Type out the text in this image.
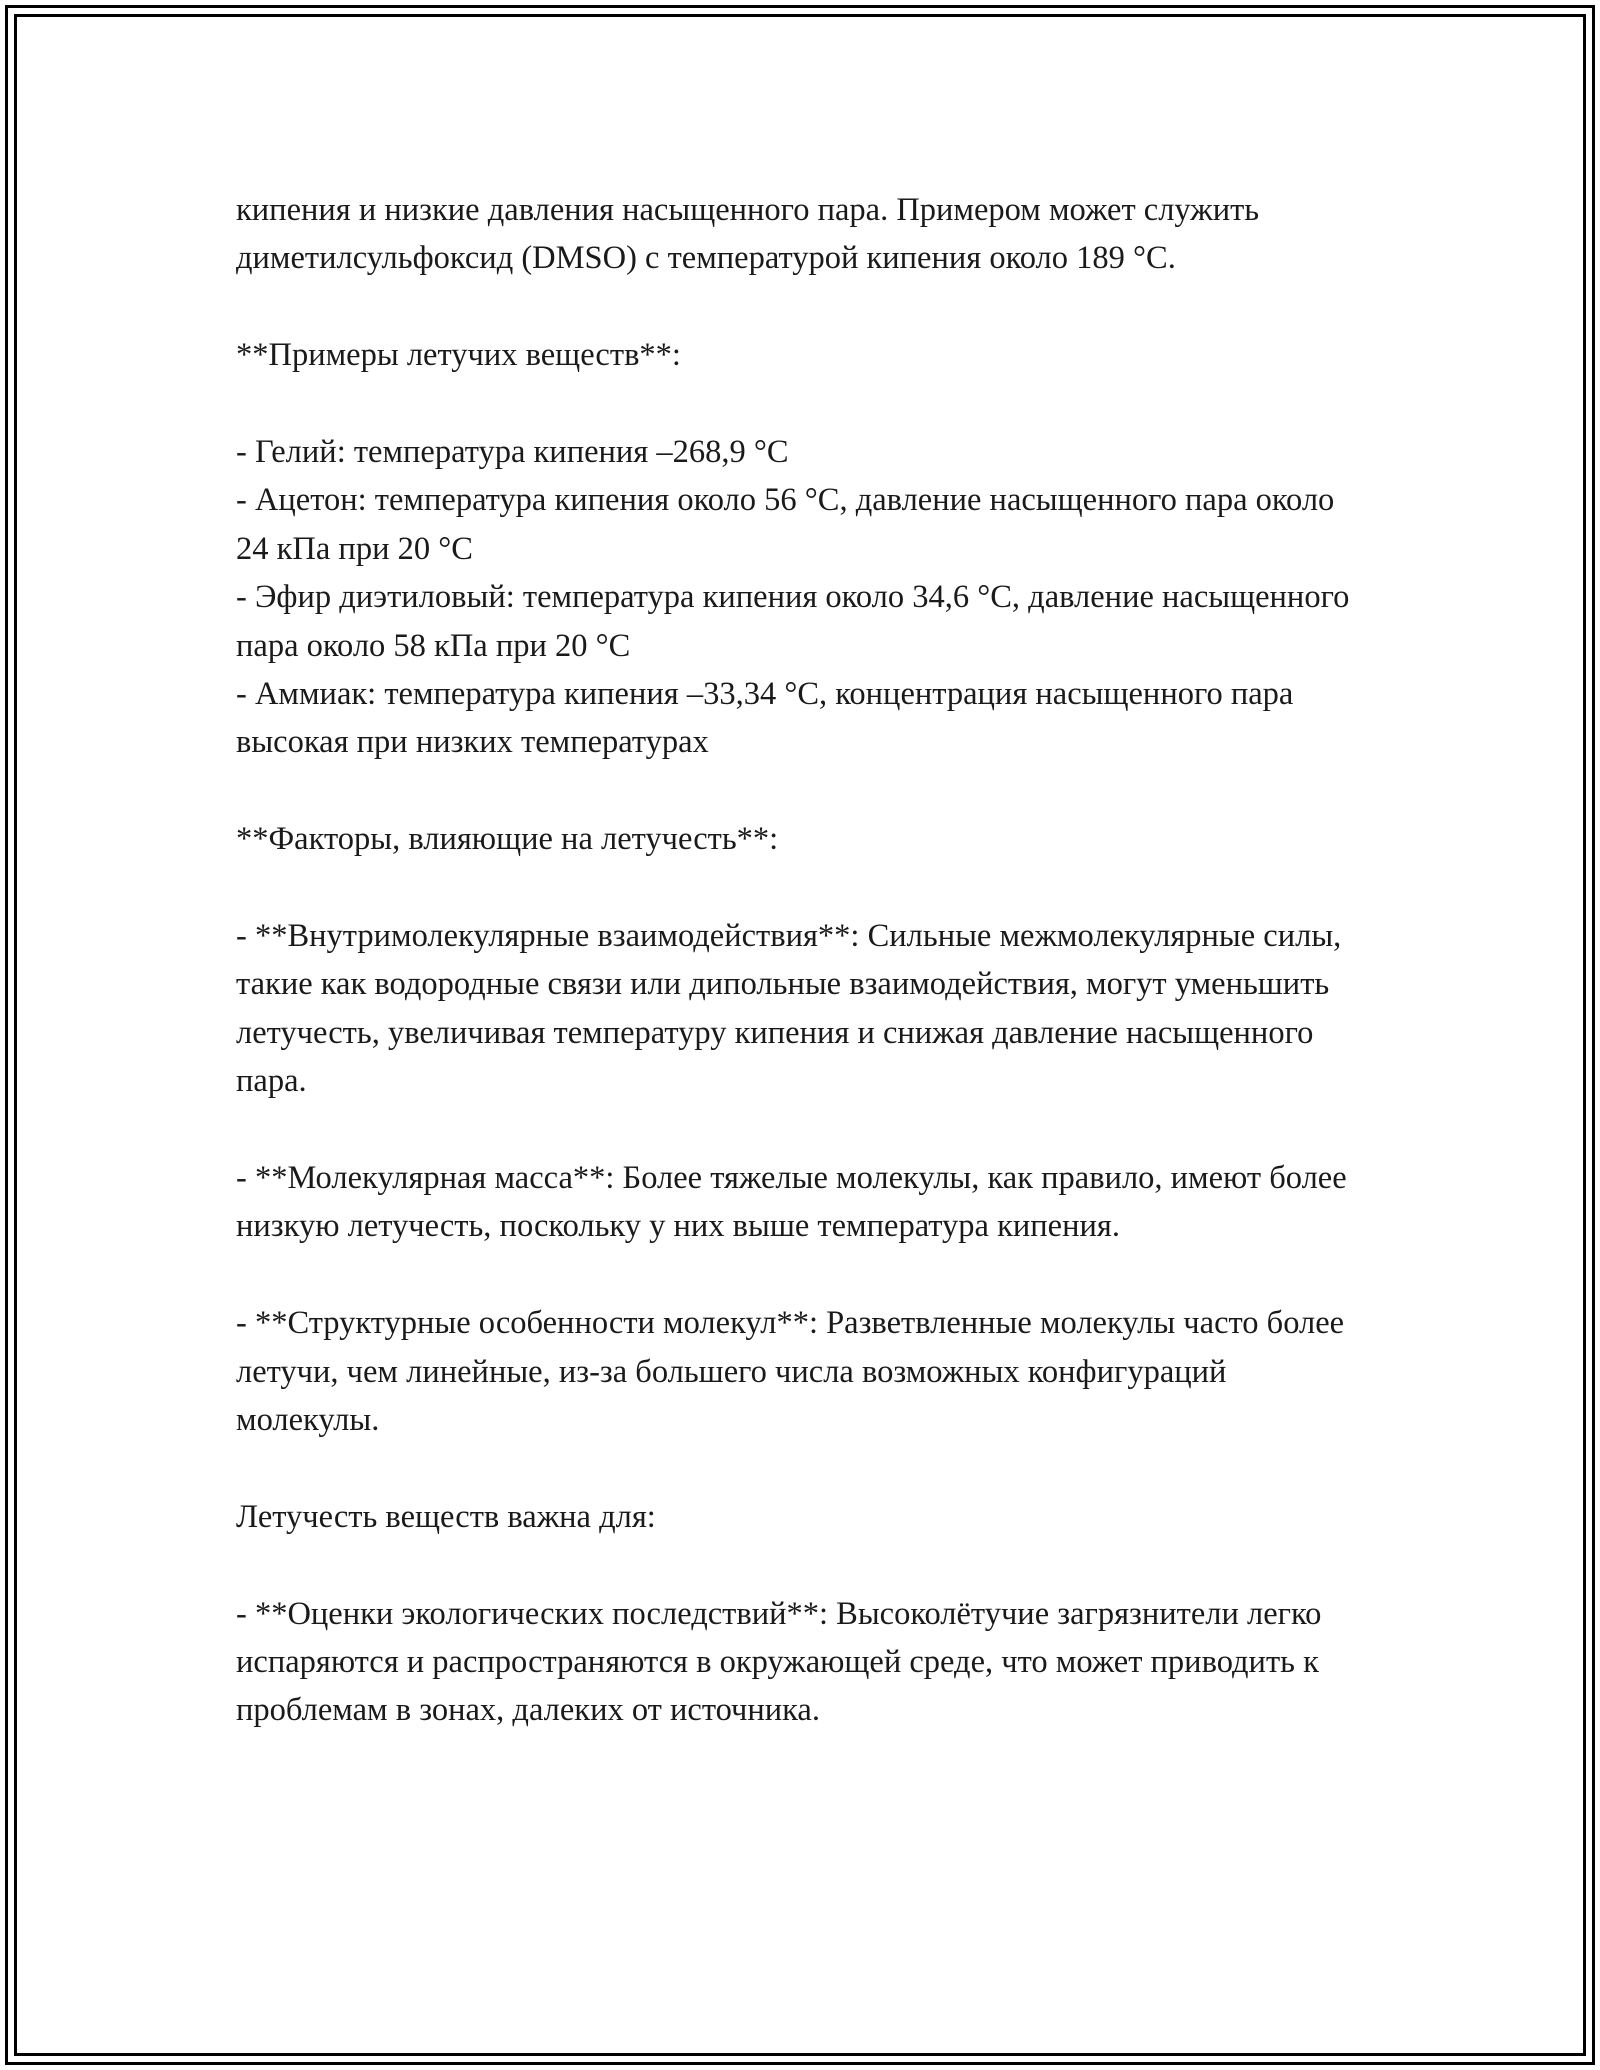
кипения и низкие давления насыщенного пара. Примером может служить диметилсульфоксид (DMSO) с температурой кипения около 189 °C.

**Примеры летучих веществ**:

- Гелий: температура кипения –268,9 °C
- Ацетон: температура кипения около 56 °C, давление насыщенного пара около 24 кПа при 20 °C
- Эфир диэтиловый: температура кипения около 34,6 °C, давление насыщенного пара около 58 кПа при 20 °C
- Аммиак: температура кипения –33,34 °C, концентрация насыщенного пара высокая при низких температурах

**Факторы, влияющие на летучесть**:

- **Внутримолекулярные взаимодействия**: Сильные межмолекулярные силы, такие как водородные связи или дипольные взаимодействия, могут уменьшить летучесть, увеличивая температуру кипения и снижая давление насыщенного пара.

- **Молекулярная масса**: Более тяжелые молекулы, как правило, имеют более низкую летучесть, поскольку у них выше температура кипения.

- **Структурные особенности молекул**: Разветвленные молекулы часто более летучи, чем линейные, из-за большего числа возможных конфигураций молекулы.

Летучесть веществ важна для:

- **Оценки экологических последствий**: Высоколётучие загрязнители легко испаряются и распространяются в окружающей среде, что может приводить к проблемам в зонах, далеких от источника.
